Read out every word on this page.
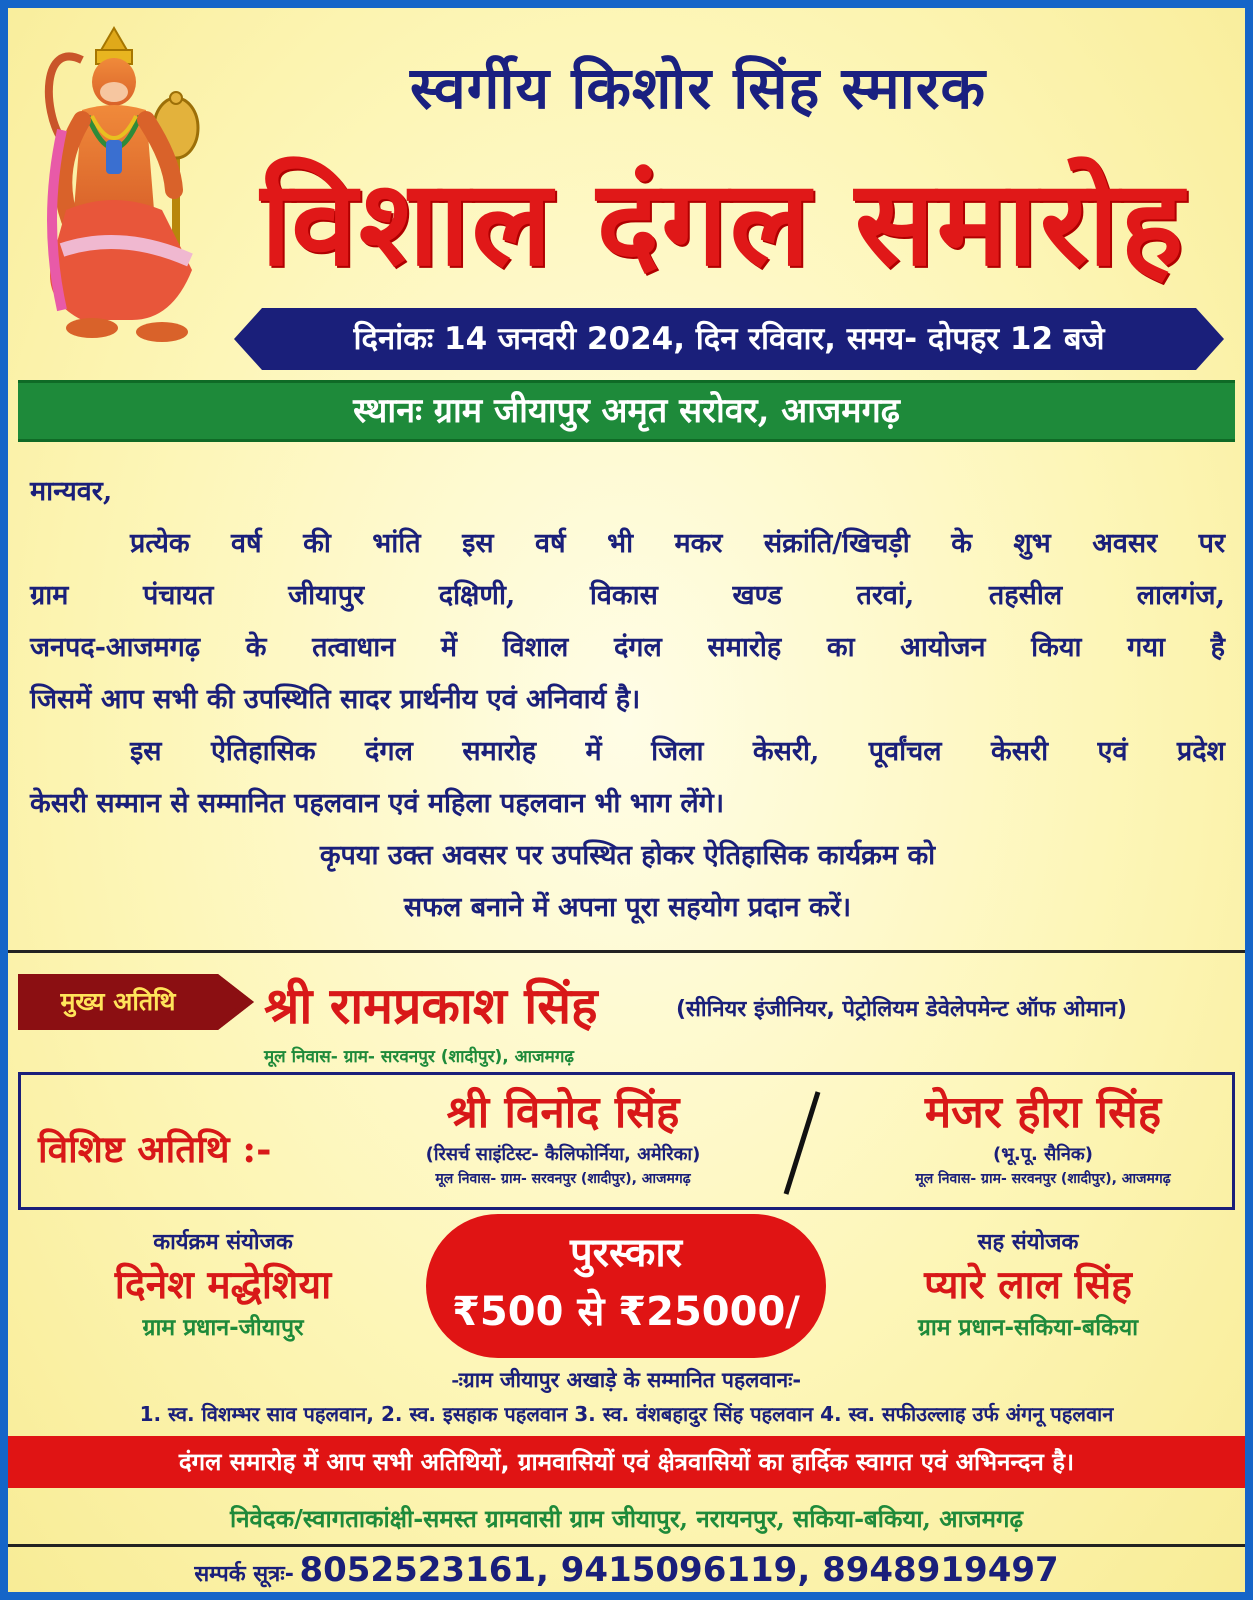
स्वर्गीय किशोर सिंह स्मारक
विशाल दंगल समारोह
दिनांकः 14 जनवरी 2024, दिन रविवार, समय- दोपहर 12 बजे
स्थानः ग्राम जीयापुर अमृत सरोवर, आजमगढ़

मान्यवर,

प्रत्येक वर्ष की भांति इस वर्ष भी मकर संक्रांति/खिचड़ी के शुभ अवसर पर

ग्राम पंचायत जीयापुर दक्षिणी, विकास खण्ड तरवां, तहसील लालगंज,

जनपद-आजमगढ़ के तत्वाधान में विशाल दंगल समारोह का आयोजन किया गया है

जिसमें आप सभी की उपस्थिति सादर प्रार्थनीय एवं अनिवार्य है।

इस ऐतिहासिक दंगल समारोह में जिला केसरी, पूर्वांचल केसरी एवं प्रदेश

केसरी सम्मान से सम्मानित पहलवान एवं महिला पहलवान भी भाग लेंगे।

कृपया उक्त अवसर पर उपस्थित होकर ऐतिहासिक कार्यक्रम को

सफल बनाने में अपना पूरा सहयोग प्रदान करें।

मुख्य अतिथि	श्री रामप्रकाश सिंह	(सीनियर इंजीनियर, पेट्रोलियम डेवेलेपमेन्ट ऑफ ओमान)
मूल निवास- ग्राम- सरवनपुर (शादीपुर), आजमगढ़
विशिष्ट अतिथि :-
श्री विनोद सिंह
(रिसर्च साइंटिस्ट- कैलिफोर्निया, अमेरिका)
मूल निवास- ग्राम- सरवनपुर (शादीपुर), आजमगढ़
मेजर हीरा सिंह
(भू.पू. सैनिक)
मूल निवास- ग्राम- सरवनपुर (शादीपुर), आजमगढ़
कार्यक्रम संयोजक
दिनेश मद्धेशिया
ग्राम प्रधान-जीयापुर
पुरस्कार
₹500 से ₹25000/
सह संयोजक
प्यारे लाल सिंह
ग्राम प्रधान-सकिया-बकिया
-ःग्राम जीयापुर अखाड़े के सम्मानित पहलवानः-
1. स्व. विशम्भर साव पहलवान, 2. स्व. इसहाक पहलवान 3. स्व. वंशबहादुर सिंह पहलवान 4. स्व. सफीउल्लाह उर्फ अंगनू पहलवान
दंगल समारोह में आप सभी अतिथियों, ग्रामवासियों एवं क्षेत्रवासियों का हार्दिक स्वागत एवं अभिनन्दन है।
निवेदक/स्वागताकांक्षी-समस्त ग्रामवासी ग्राम जीयापुर, नरायनपुर, सकिया-बकिया, आजमगढ़
सम्पर्क सूत्रः- 8052523161, 9415096119, 8948919497
